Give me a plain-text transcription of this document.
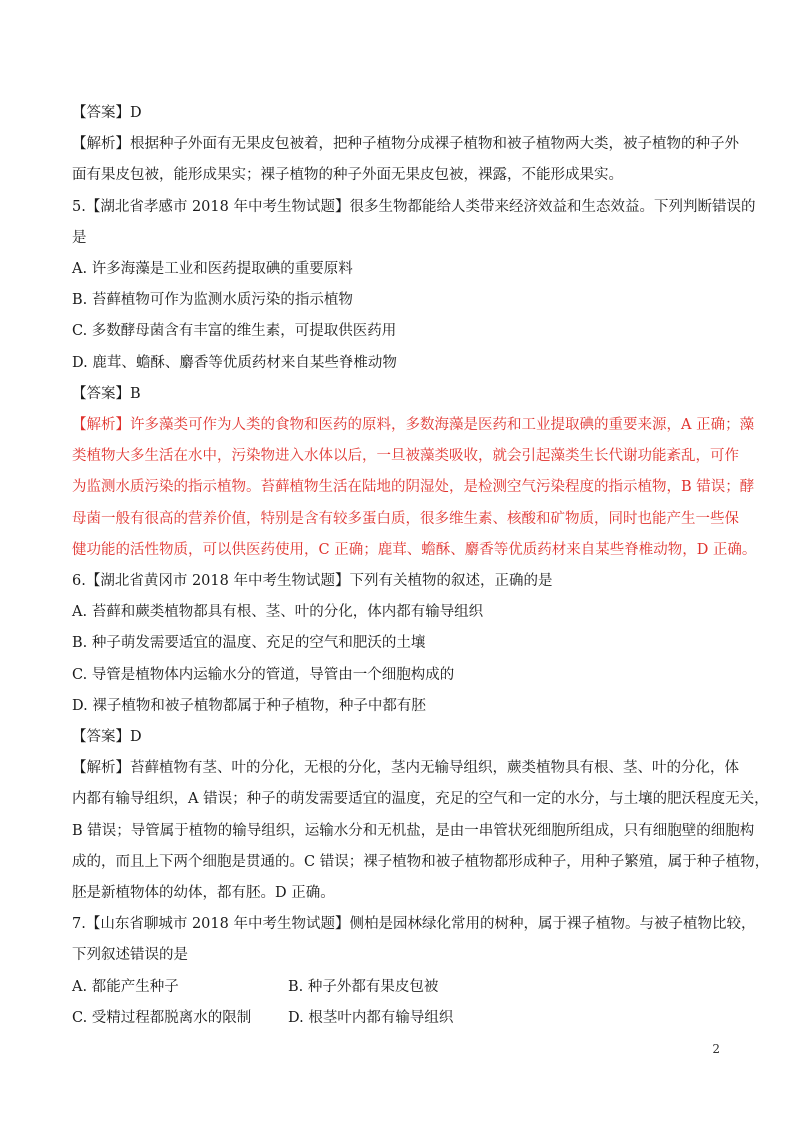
【答案】D
【解析】根据种子外面有无果皮包被着，把种子植物分成裸子植物和被子植物两大类，被子植物的种子外
面有果皮包被，能形成果实；裸子植物的种子外面无果皮包被，裸露，不能形成果实。
5.【湖北省孝感市 2018 年中考生物试题】很多生物都能给人类带来经济效益和生态效益。下列判断错误的
是
A. 许多海藻是工业和医药提取碘的重要原料
B. 苔藓植物可作为监测水质污染的指示植物
C. 多数酵母菌含有丰富的维生素，可提取供医药用
D. 鹿茸、蟾酥、麝香等优质药材来自某些脊椎动物
【答案】B
【解析】许多藻类可作为人类的食物和医药的原料，多数海藻是医药和工业提取碘的重要来源，A 正确；藻
类植物大多生活在水中，污染物进入水体以后，一旦被藻类吸收，就会引起藻类生长代谢功能紊乱，可作
为监测水质污染的指示植物。苔藓植物生活在陆地的阴湿处，是检测空气污染程度的指示植物，B 错误；酵
母菌一般有很高的营养价值，特别是含有较多蛋白质，很多维生素、核酸和矿物质，同时也能产生一些保
健功能的活性物质，可以供医药使用，C 正确；鹿茸、蟾酥、麝香等优质药材来自某些脊椎动物，D 正确。
6.【湖北省黄冈市 2018 年中考生物试题】下列有关植物的叙述，正确的是
A. 苔藓和蕨类植物都具有根、茎、叶的分化，体内都有输导组织
B. 种子萌发需要适宜的温度、充足的空气和肥沃的土壤
C. 导管是植物体内运输水分的管道，导管由一个细胞构成的
D. 裸子植物和被子植物都属于种子植物，种子中都有胚
【答案】D
【解析】苔藓植物有茎、叶的分化，无根的分化，茎内无输导组织，蕨类植物具有根、茎、叶的分化，体
内都有输导组织，A 错误；种子的萌发需要适宜的温度，充足的空气和一定的水分，与土壤的肥沃程度无关，
B 错误；导管属于植物的输导组织，运输水分和无机盐，是由一串管状死细胞所组成，只有细胞壁的细胞构
成的，而且上下两个细胞是贯通的。C 错误；裸子植物和被子植物都形成种子，用种子繁殖，属于种子植物，
胚是新植物体的幼体，都有胚。D 正确。
7.【山东省聊城市 2018 年中考生物试题】侧柏是园林绿化常用的树种，属于裸子植物。与被子植物比较，
下列叙述错误的是
A. 都能产生种子	B. 种子外都有果皮包被
C. 受精过程都脱离水的限制	D. 根茎叶内都有输导组织
2
